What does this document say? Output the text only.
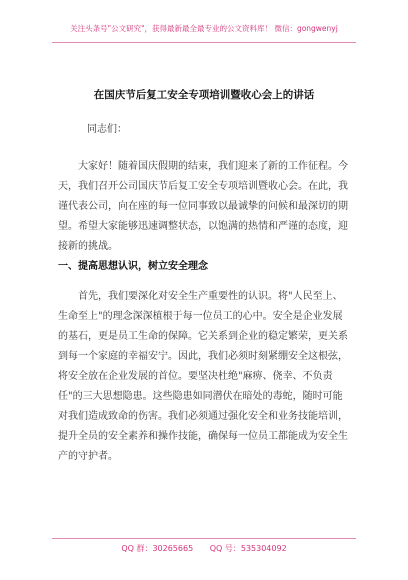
关注头条号"公文研究"，获得最新最全最专业的公文资料库！ 微信：gongwenyj
在国庆节后复工安全专项培训暨收心会上的讲话
同志们：

大家好！随着国庆假期的结束，我们迎来了新的工作征程。今天，我们召开公司国庆节后复工安全专项培训暨收心会。在此，我谨代表公司，向在座的每一位同事致以最诚挚的问候和最深切的期望。希望大家能够迅速调整状态，以饱满的热情和严谨的态度，迎接新的挑战。

一、提高思想认识，树立安全理念

首先，我们要深化对安全生产重要性的认识。将"人民至上、生命至上"的理念深深植根于每一位员工的心中。安全是企业发展的基石，更是员工生命的保障。它关系到企业的稳定繁荣，更关系到每一个家庭的幸福安宁。因此，我们必须时刻紧绷安全这根弦，将安全放在企业发展的首位。要坚决杜绝"麻痹、侥幸、不负责任"的三大思想隐患。这些隐患如同潜伏在暗处的毒蛇，随时可能对我们造成致命的伤害。我们必须通过强化安全和业务技能培训，提升全员的安全素养和操作技能，确保每一位员工都能成为安全生产的守护者。

QQ 群：30265665 QQ 号：535304092
